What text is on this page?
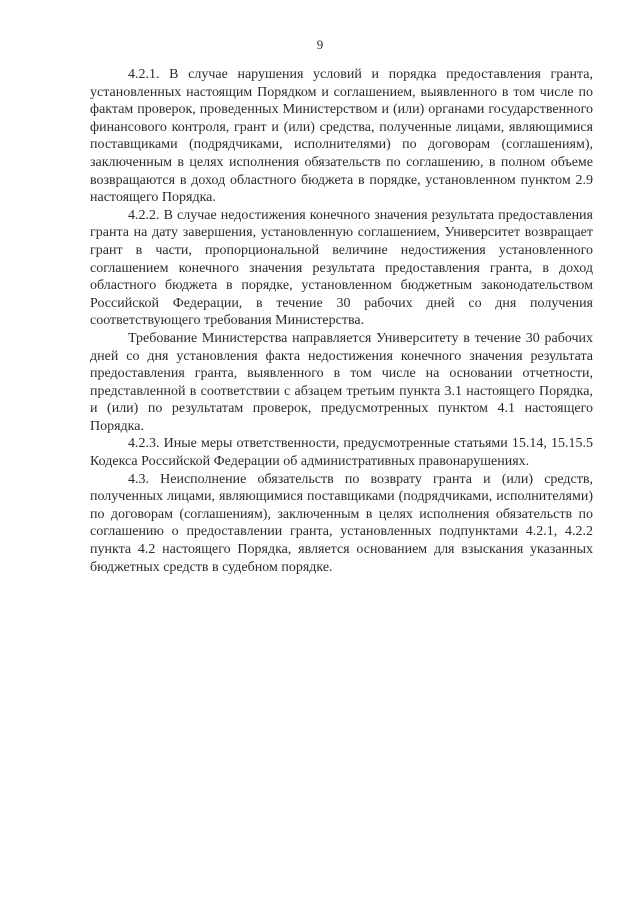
9

4.2.1. В случае нарушения условий и порядка предоставления гранта, установленных настоящим Порядком и соглашением, выявленного в том числе по фактам проверок, проведенных Министерством и (или) органами государственного финансового контроля, грант и (или) средства, полученные лицами, являющимися поставщиками (подрядчиками, исполнителями) по договорам (соглашениям), заключенным в целях исполнения обязательств по соглашению, в полном объеме возвращаются в доход областного бюджета в порядке, установленном пунктом 2.9 настоящего Порядка.

4.2.2. В случае недостижения конечного значения результата предоставления гранта на дату завершения, установленную соглашением, Университет возвращает грант в части, пропорциональной величине недостижения установленного соглашением конечного значения результата предоставления гранта, в доход областного бюджета в порядке, установленном бюджетным законодательством Российской Федерации, в течение 30 рабочих дней со дня получения соответствующего требования Министерства.

Требование Министерства направляется Университету в течение 30 рабочих дней со дня установления факта недостижения конечного значения результата предоставления гранта, выявленного в том числе на основании отчетности, представленной в соответствии с абзацем третьим пункта 3.1 настоящего Порядка, и (или) по результатам проверок, предусмотренных пунктом 4.1 настоящего Порядка.

4.2.3. Иные меры ответственности, предусмотренные статьями 15.14, 15.15.5 Кодекса Российской Федерации об административных правонарушениях.

4.3. Неисполнение обязательств по возврату гранта и (или) средств, полученных лицами, являющимися поставщиками (подрядчиками, исполнителями) по договорам (соглашениям), заключенным в целях исполнения обязательств по соглашению о предоставлении гранта, установленных подпунктами 4.2.1, 4.2.2 пункта 4.2 настоящего Порядка, является основанием для взыскания указанных бюджетных средств в судебном порядке.
